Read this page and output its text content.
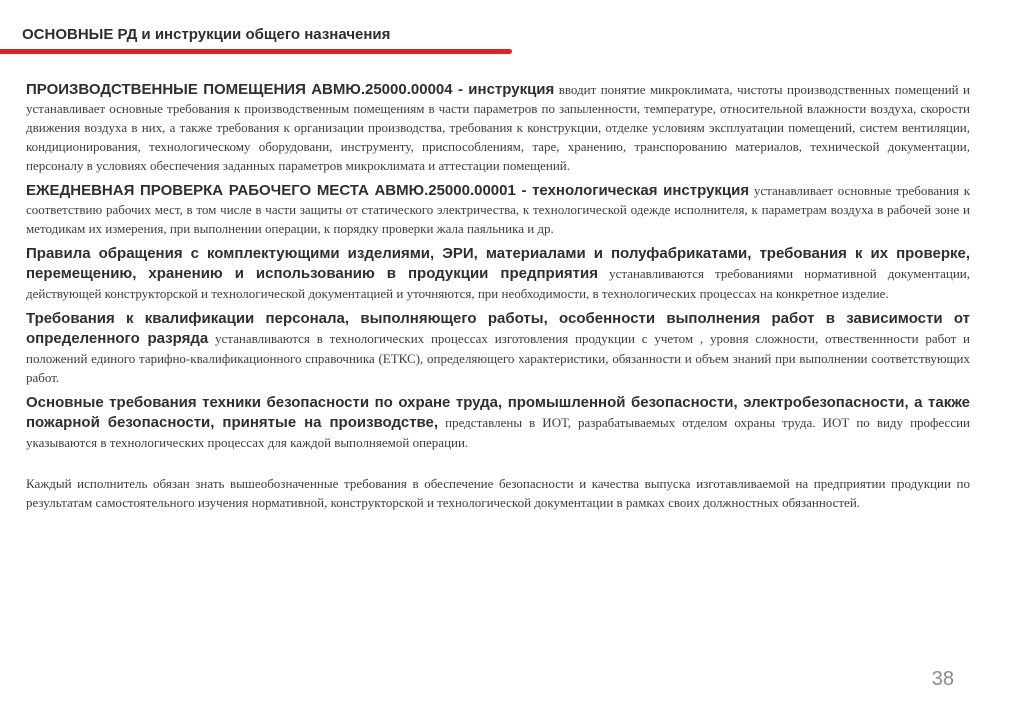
ОСНОВНЫЕ РД и инструкции общего назначения

ПРОИЗВОДСТВЕННЫЕ ПОМЕЩЕНИЯ АВМЮ.25000.00004 - инструкция вводит понятие микроклимата, чистоты производственных помещений и устанавливает основные требования к производственным помещениям в части параметров по запыленности, температуре, относительной влажности воздуха, скорости движения воздуха в них, а также требования к организации производства, требования к конструкции, отделке условиям эксплуатации помещений, систем вентиляции, кондиционирования, технологическому оборудовани, инструменту, приспособлениям, таре, хранению, транспорованию материалов, технической документации, персоналу в условиях обеспечения заданных параметров микроклимата и аттестации помещений.

ЕЖЕДНЕВНАЯ ПРОВЕРКА РАБОЧЕГО МЕСТА АВМЮ.25000.00001 - технологическая инструкция устанавливает основные требования к соответствию рабочих мест, в том числе в части защиты от статического электричества, к технологической одежде исполнителя, к параметрам воздуха в рабочей зоне и методикам их измерения, при выполнении операции, к порядку проверки жала паяльника и др.

Правила обращения с комплектующими изделиями, ЭРИ, материалами и полуфабрикатами, требования к их проверке, перемещению, хранению и использованию в продукции предприятия устанавливаются требованиями нормативной документации, действующей конструкторской и технологической документацией и уточняются, при необходимости, в технологических процессах на конкретное изделие.

Требования к квалификации персонала, выполняющего работы, особенности выполнения работ в зависимости от определенного разряда устанавливаются в технологических процессах изготовления продукции с учетом , уровня сложности, отвественнности работ и положений единого тарифно-квалификационного справочника (ЕТКС), определяющего характеристики, обязанности и объем знаний при выполнении соответствующих работ.

Основные требования техники безопасности по охране труда, промышленной безопасности, электробезопасности, а также пожарной безопасности, принятые на производстве, представлены в ИОТ, разрабатываемых отделом охраны труда. ИОТ по виду профессии указываются в технологических процессах для каждой выполняемой операции.

Каждый исполнитель обязан знать вышеобозначенные требования в обеспечение безопасности и качества выпуска изготавливаемой на предприятии продукции по результатам самостоятельного изучения нормативной, конструкторской и технологической документации в рамках своих должностных обязанностей.

38
